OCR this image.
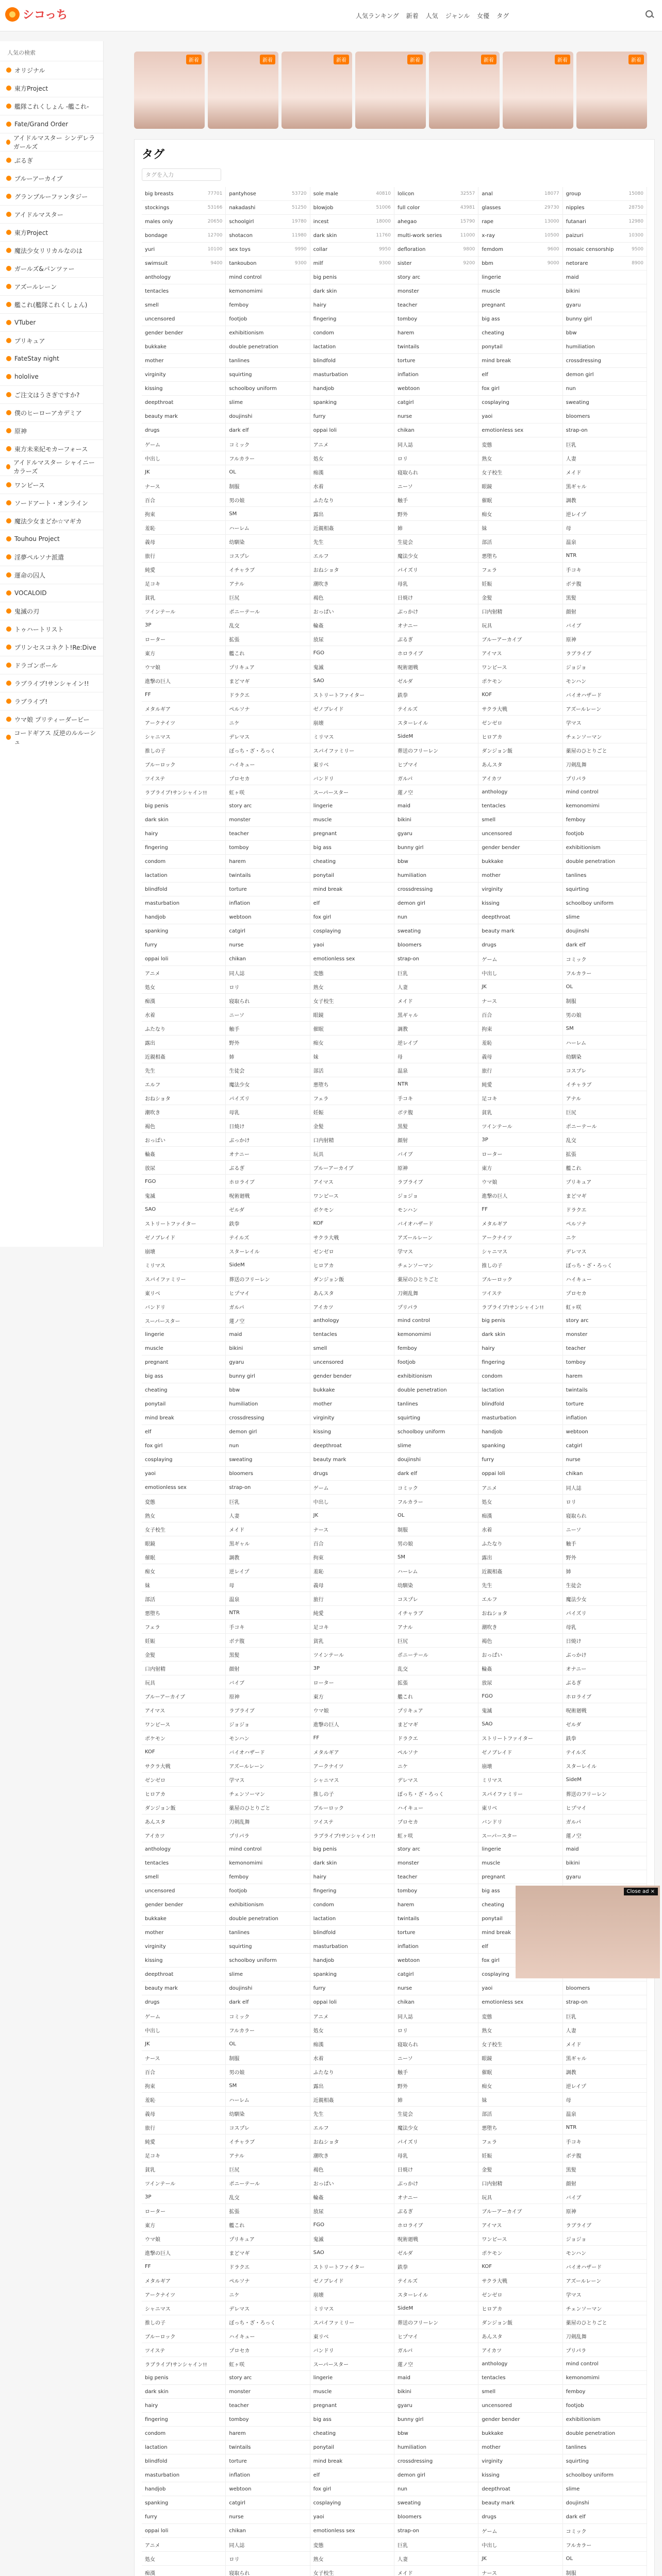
シコっち	人気ランキング 新着 人気 ジャンル 女優 タグ
人気の検索
オリジナル
東方Project
艦隊これくしょん -艦これ-
Fate/Grand Order
アイドルマスター シンデレラガールズ
ぶるぎ
ブルーアーカイブ
グランブルーファンタジー
アイドルマスター
東方Project
魔法少女リリカルなのは
ガールズ&パンツァー
アズールレーン
艦これ(艦隊これくしょん)
VTuber
プリキュア
FateStay night
hololive
ご注文はうさぎですか?
僕のヒーローアカデミア
原神
東方未来紀モカーフォース
アイドルマスター シャイニーカラーズ
ワンピース
ソードアート・オンライン
魔法少女まどか☆マギカ
Touhou Project
淫夢ペルソナ派遣
運命の囚人
VOCALOID
鬼滅の刃
トゥハートリスト
プリンセスコネクト!Re:Dive
ドラゴンボール
ラブライブ!サンシャイン!!
ラブライブ!
ウマ娘 プリティーダービー
コードギアス 反逆のルルーシュ
新着	新着	新着	新着	新着	新着	新着
タグ
タグを入力
big breasts	77701 pantyhose	53720 sole male	40810 lolicon	32557 anal	18077 group	15080
stockings	53166 nakadashi	51250 blowjob	51006 full color	43981 glasses	29730 nipples	28750
males only	20650 schoolgirl	19780 incest	18000 ahegao	15790 rape	13000 futanari	12980
bondage	12700 shotacon	11980 dark skin	11760 multi-work series	11000 x-ray	10500 paizuri	10300
yuri	10100 sex toys	9990 collar	9950 defloration	9800 femdom	9600 mosaic censorship	9500
swimsuit	9400 tankoubon	9300 milf	9300 sister	9200 bbm	9000 netorare	8900
anthology	mind control	big penis	story arc	lingerie	maid
tentacles	kemonomimi	dark skin	monster	muscle	bikini
smell	femboy	hairy	teacher	pregnant	gyaru
uncensored	footjob	fingering	tomboy	big ass	bunny girl
gender bender	exhibitionism	condom	harem	cheating	bbw
bukkake	double penetration	lactation	twintails	ponytail	humiliation
mother	tanlines	blindfold	torture	mind break	crossdressing
virginity	squirting	masturbation	inflation	elf	demon girl
kissing	schoolboy uniform	handjob	webtoon	fox girl	nun
deepthroat	slime	spanking	catgirl	cosplaying	sweating
beauty mark	doujinshi	furry	nurse	yaoi	bloomers
drugs	dark elf	oppai loli	chikan	emotionless sex	strap-on
ゲーム	コミック	アニメ	同人誌	変態	巨乳
中出し	フルカラー	処女	ロリ	熟女	人妻
JK	OL	痴漢	寝取られ	女子校生	メイド
ナース	制服	水着	ニーソ	眼鏡	黒ギャル
百合	男の娘	ふたなり	触手	催眠	調教
拘束	SM	露出	野外	痴女	逆レイプ
羞恥	ハーレム	近親相姦	姉	妹	母
義母	幼馴染	先生	生徒会	部活	温泉
旅行	コスプレ	エルフ	魔法少女	悪堕ち	NTR
純愛	イチャラブ	おねショタ	パイズリ	フェラ	手コキ
足コキ	アナル	潮吹き	母乳	妊娠	ボテ腹
貧乳	巨尻	褐色	日焼け	金髪	黒髪
ツインテール	ポニーテール	おっぱい	ぶっかけ	口内射精	顔射
3P	乱交	輪姦	オナニー	玩具	バイブ
ローター	拡張	放尿	ぶるぎ	ブルーアーカイブ	原神
東方	艦これ	FGO	ホロライブ	アイマス	ラブライブ
ウマ娘	プリキュア	鬼滅	呪術廻戦	ワンピース	ジョジョ
進撃の巨人	まどマギ	SAO	ゼルダ	ポケモン	モンハン
FF	ドラクエ	ストリートファイター	鉄拳	KOF	バイオハザード
メタルギア	ペルソナ	ゼノブレイド	テイルズ	サクラ大戦	アズールレーン
アークナイツ	ニケ	崩壊	スターレイル	ゼンゼロ	学マス
シャニマス	デレマス	ミリマス	SideM	ヒロアカ	チェンソーマン
推しの子	ぼっち・ざ・ろっく	スパイファミリー	葬送のフリーレン	ダンジョン飯	薬屋のひとりごと
ブルーロック	ハイキュー	東リベ	ヒプマイ	あんスタ	刀剣乱舞
ツイステ	プロセカ	バンドリ	ガルパ	アイカツ	プリパラ
ラブライブ!サンシャイン!!	虹ヶ咲	スーパースター	蓮ノ空	anthology	mind control
big penis	story arc	lingerie	maid	tentacles	kemonomimi
dark skin	monster	muscle	bikini	smell	femboy
hairy	teacher	pregnant	gyaru	uncensored	footjob
fingering	tomboy	big ass	bunny girl	gender bender	exhibitionism
condom	harem	cheating	bbw	bukkake	double penetration
lactation	twintails	ponytail	humiliation	mother	tanlines
blindfold	torture	mind break	crossdressing	virginity	squirting
masturbation	inflation	elf	demon girl	kissing	schoolboy uniform
handjob	webtoon	fox girl	nun	deepthroat	slime
spanking	catgirl	cosplaying	sweating	beauty mark	doujinshi
furry	nurse	yaoi	bloomers	drugs	dark elf
oppai loli	chikan	emotionless sex	strap-on	ゲーム	コミック
アニメ	同人誌	変態	巨乳	中出し	フルカラー
処女	ロリ	熟女	人妻	JK	OL
痴漢	寝取られ	女子校生	メイド	ナース	制服
水着	ニーソ	眼鏡	黒ギャル	百合	男の娘
ふたなり	触手	催眠	調教	拘束	SM
露出	野外	痴女	逆レイプ	羞恥	ハーレム
近親相姦	姉	妹	母	義母	幼馴染
先生	生徒会	部活	温泉	旅行	コスプレ
エルフ	魔法少女	悪堕ち	NTR	純愛	イチャラブ
おねショタ	パイズリ	フェラ	手コキ	足コキ	アナル
潮吹き	母乳	妊娠	ボテ腹	貧乳	巨尻
褐色	日焼け	金髪	黒髪	ツインテール	ポニーテール
おっぱい	ぶっかけ	口内射精	顔射	3P	乱交
輪姦	オナニー	玩具	バイブ	ローター	拡張
放尿	ぶるぎ	ブルーアーカイブ	原神	東方	艦これ
FGO	ホロライブ	アイマス	ラブライブ	ウマ娘	プリキュア
鬼滅	呪術廻戦	ワンピース	ジョジョ	進撃の巨人	まどマギ
SAO	ゼルダ	ポケモン	モンハン	FF	ドラクエ
ストリートファイター	鉄拳	KOF	バイオハザード	メタルギア	ペルソナ
ゼノブレイド	テイルズ	サクラ大戦	アズールレーン	アークナイツ	ニケ
崩壊	スターレイル	ゼンゼロ	学マス	シャニマス	デレマス
ミリマス	SideM	ヒロアカ	チェンソーマン	推しの子	ぼっち・ざ・ろっく
スパイファミリー	葬送のフリーレン	ダンジョン飯	薬屋のひとりごと	ブルーロック	ハイキュー
東リベ	ヒプマイ	あんスタ	刀剣乱舞	ツイステ	プロセカ
バンドリ	ガルパ	アイカツ	プリパラ	ラブライブ!サンシャイン!!	虹ヶ咲
スーパースター	蓮ノ空	anthology	mind control	big penis	story arc
lingerie	maid	tentacles	kemonomimi	dark skin	monster
muscle	bikini	smell	femboy	hairy	teacher
pregnant	gyaru	uncensored	footjob	fingering	tomboy
big ass	bunny girl	gender bender	exhibitionism	condom	harem
cheating	bbw	bukkake	double penetration	lactation	twintails
ponytail	humiliation	mother	tanlines	blindfold	torture
mind break	crossdressing	virginity	squirting	masturbation	inflation
elf	demon girl	kissing	schoolboy uniform	handjob	webtoon
fox girl	nun	deepthroat	slime	spanking	catgirl
cosplaying	sweating	beauty mark	doujinshi	furry	nurse
yaoi	bloomers	drugs	dark elf	oppai loli	chikan
emotionless sex	strap-on	ゲーム	コミック	アニメ	同人誌
変態	巨乳	中出し	フルカラー	処女	ロリ
熟女	人妻	JK	OL	痴漢	寝取られ
女子校生	メイド	ナース	制服	水着	ニーソ
眼鏡	黒ギャル	百合	男の娘	ふたなり	触手
催眠	調教	拘束	SM	露出	野外
痴女	逆レイプ	羞恥	ハーレム	近親相姦	姉
妹	母	義母	幼馴染	先生	生徒会
部活	温泉	旅行	コスプレ	エルフ	魔法少女
悪堕ち	NTR	純愛	イチャラブ	おねショタ	パイズリ
フェラ	手コキ	足コキ	アナル	潮吹き	母乳
妊娠	ボテ腹	貧乳	巨尻	褐色	日焼け
金髪	黒髪	ツインテール	ポニーテール	おっぱい	ぶっかけ
口内射精	顔射	3P	乱交	輪姦	オナニー
玩具	バイブ	ローター	拡張	放尿	ぶるぎ
ブルーアーカイブ	原神	東方	艦これ	FGO	ホロライブ
アイマス	ラブライブ	ウマ娘	プリキュア	鬼滅	呪術廻戦
ワンピース	ジョジョ	進撃の巨人	まどマギ	SAO	ゼルダ
ポケモン	モンハン	FF	ドラクエ	ストリートファイター	鉄拳
KOF	バイオハザード	メタルギア	ペルソナ	ゼノブレイド	テイルズ
サクラ大戦	アズールレーン	アークナイツ	ニケ	崩壊	スターレイル
ゼンゼロ	学マス	シャニマス	デレマス	ミリマス	SideM
ヒロアカ	チェンソーマン	推しの子	ぼっち・ざ・ろっく	スパイファミリー	葬送のフリーレン
ダンジョン飯	薬屋のひとりごと	ブルーロック	ハイキュー	東リベ	ヒプマイ
あんスタ	刀剣乱舞	ツイステ	プロセカ	バンドリ	ガルパ
アイカツ	プリパラ	ラブライブ!サンシャイン!!	虹ヶ咲	スーパースター	蓮ノ空
anthology	mind control	big penis	story arc	lingerie	maid
tentacles	kemonomimi	dark skin	monster	muscle	bikini
smell	femboy	hairy	teacher	pregnant	gyaru
uncensored	footjob	fingering	tomboy	big ass
gender bender	exhibitionism	condom	harem	cheating
bukkake	double penetration	lactation	twintails	ponytail
mother	tanlines	blindfold	torture	mind break
virginity	squirting	masturbation	inflation	elf
kissing	schoolboy uniform	handjob	webtoon	fox girl
deepthroat	slime	spanking	catgirl	cosplaying
beauty mark	doujinshi	furry	nurse	yaoi	bloomers
drugs	dark elf	oppai loli	chikan	emotionless sex	strap-on
ゲーム	コミック	アニメ	同人誌	変態	巨乳
中出し	フルカラー	処女	ロリ	熟女	人妻
JK	OL	痴漢	寝取られ	女子校生	メイド
ナース	制服	水着	ニーソ	眼鏡	黒ギャル
百合	男の娘	ふたなり	触手	催眠	調教
拘束	SM	露出	野外	痴女	逆レイプ
羞恥	ハーレム	近親相姦	姉	妹	母
義母	幼馴染	先生	生徒会	部活	温泉
旅行	コスプレ	エルフ	魔法少女	悪堕ち	NTR
純愛	イチャラブ	おねショタ	パイズリ	フェラ	手コキ
足コキ	アナル	潮吹き	母乳	妊娠	ボテ腹
貧乳	巨尻	褐色	日焼け	金髪	黒髪
ツインテール	ポニーテール	おっぱい	ぶっかけ	口内射精	顔射
3P	乱交	輪姦	オナニー	玩具	バイブ
ローター	拡張	放尿	ぶるぎ	ブルーアーカイブ	原神
東方	艦これ	FGO	ホロライブ	アイマス	ラブライブ
ウマ娘	プリキュア	鬼滅	呪術廻戦	ワンピース	ジョジョ
進撃の巨人	まどマギ	SAO	ゼルダ	ポケモン	モンハン
FF	ドラクエ	ストリートファイター	鉄拳	KOF	バイオハザード
メタルギア	ペルソナ	ゼノブレイド	テイルズ	サクラ大戦	アズールレーン
アークナイツ	ニケ	崩壊	スターレイル	ゼンゼロ	学マス
シャニマス	デレマス	ミリマス	SideM	ヒロアカ	チェンソーマン
推しの子	ぼっち・ざ・ろっく	スパイファミリー	葬送のフリーレン	ダンジョン飯	薬屋のひとりごと
ブルーロック	ハイキュー	東リベ	ヒプマイ	あんスタ	刀剣乱舞
ツイステ	プロセカ	バンドリ	ガルパ	アイカツ	プリパラ
ラブライブ!サンシャイン!!	虹ヶ咲	スーパースター	蓮ノ空	anthology	mind control
big penis	story arc	lingerie	maid	tentacles	kemonomimi
dark skin	monster	muscle	bikini	smell	femboy
hairy	teacher	pregnant	gyaru	uncensored	footjob
fingering	tomboy	big ass	bunny girl	gender bender	exhibitionism
condom	harem	cheating	bbw	bukkake	double penetration
lactation	twintails	ponytail	humiliation	mother	tanlines
blindfold	torture	mind break	crossdressing	virginity	squirting
masturbation	inflation	elf	demon girl	kissing	schoolboy uniform
handjob	webtoon	fox girl	nun	deepthroat	slime
spanking	catgirl	cosplaying	sweating	beauty mark	doujinshi
furry	nurse	yaoi	bloomers	drugs	dark elf
oppai loli	chikan	emotionless sex	strap-on	ゲーム	コミック
アニメ	同人誌	変態	巨乳	中出し	フルカラー
処女	ロリ	熟女	人妻	JK	OL
痴漢	寝取られ	女子校生	メイド	ナース	制服
Close ad ×
